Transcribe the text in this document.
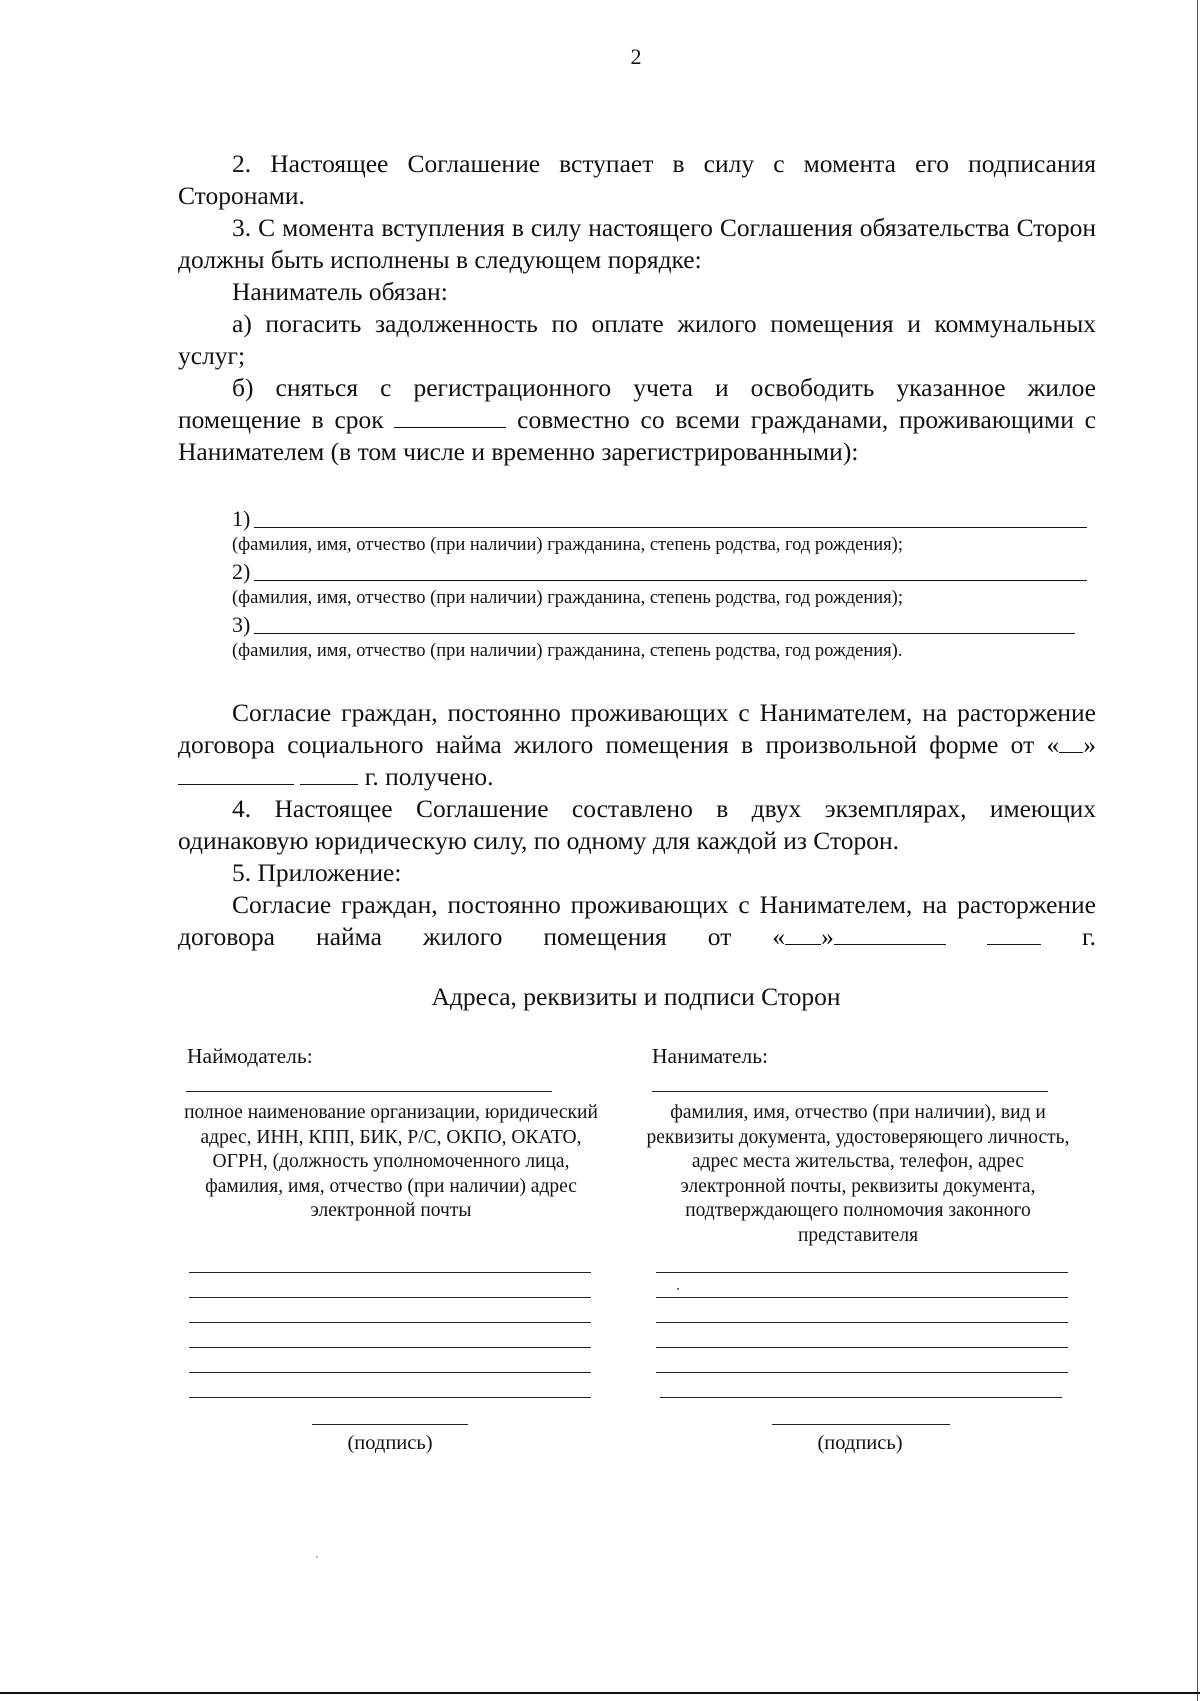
2

2. Настоящее Соглашение вступает в силу с момента его подписания Сторонами.

3. С момента вступления в силу настоящего Соглашения обязательства Сторон должны быть исполнены в следующем порядке:

Наниматель обязан:

а) погасить задолженность по оплате жилого помещения и коммунальных услуг;

б) сняться с регистрационного учета и освободить указанное жилое помещение в срок	совместно со всеми гражданами, проживающими с Нанимателем (в том числе и временно зарегистрированными):

1)
(фамилия, имя, отчество (при наличии) гражданина, степень родства, год рождения);
2)
(фамилия, имя, отчество (при наличии) гражданина, степень родства, год рождения);
3)
(фамилия, имя, отчество (при наличии) гражданина, степень родства, год рождения).

Согласие граждан, постоянно проживающих с Нанимателем, на расторжение договора социального найма жилого помещения в произвольной форме от « »  г. получено.

4. Настоящее Соглашение составлено в двух экземплярах, имеющих одинаковую юридическую силу, по одному для каждой из Сторон.

5. Приложение:

Согласие граждан, постоянно проживающих с Нанимателем, на расторжение договора найма жилого помещения от « »	г.

Адреса, реквизиты и подписи Сторон
Наймодатель:
полное наименование организации, юридический адрес, ИНН, КПП, БИК, Р/С, ОКПО, ОКАТО, ОГРН, (должность уполномоченного лица, фамилия, имя, отчество (при наличии) адрес электронной почты
(подпись)
Наниматель:
фамилия, имя, отчество (при наличии), вид и реквизиты документа, удостоверяющего личность, адрес места жительства, телефон, адрес электронной почты, реквизиты документа, подтверждающего полномочия законного представителя
(подпись)
